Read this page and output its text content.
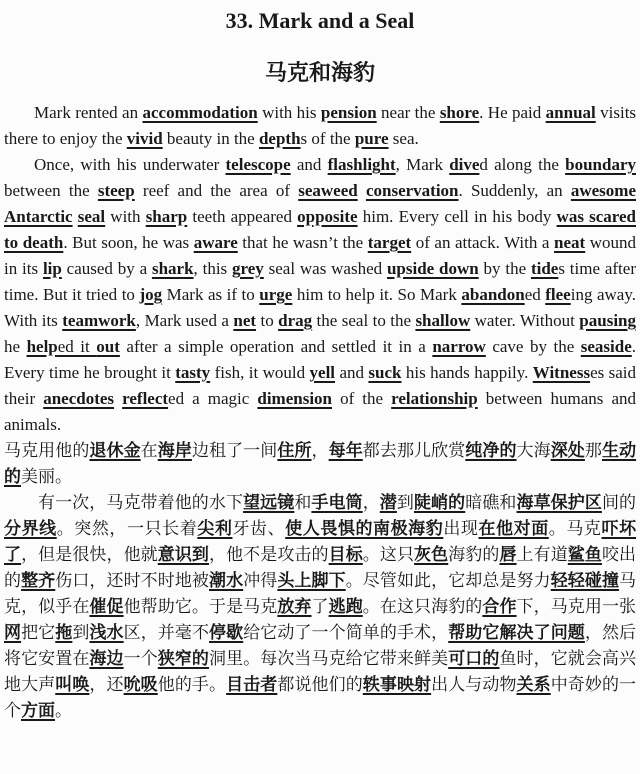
33. Mark and a Seal
马克和海豹

Mark rented an accommodation with his pension near the shore. He paid annual visits there to enjoy the vivid beauty in the depths of the pure sea.

Once, with his underwater telescope and flashlight, Mark dived along the boundary between the steep reef and the area of seaweed conservation. Suddenly, an awesome Antarctic seal with sharp teeth appeared opposite him. Every cell in his body was scared to death. But soon, he was aware that he wasn’t the target of an attack. With a neat wound in its lip caused by a shark, this grey seal was washed upside down by the tides time after time. But it tried to jog Mark as if to urge him to help it. So Mark abandoned fleeing away. With its teamwork, Mark used a net to drag the seal to the shallow water. Without pausing he helped it out after a simple operation and settled it in a narrow cave by the seaside. Every time he brought it tasty fish, it would yell and suck his hands happily. Witnesses said their anecdotes reflected a magic dimension of the relationship between humans and animals.

马克用他的退休金在海岸边租了一间住所，每年都去那儿欣赏纯净的大海深处那生动的美丽。

有一次，马克带着他的水下望远镜和手电筒，潜到陡峭的暗礁和海草保护区间的分界线。突然，一只长着尖利牙齿、使人畏惧的南极海豹出现在他对面。马克吓坏了，但是很快，他就意识到，他不是攻击的目标。这只灰色海豹的唇上有道鲨鱼咬出的整齐伤口，还时不时地被潮水冲得头上脚下。尽管如此，它却总是努力轻轻碰撞马克，似乎在催促他帮助它。于是马克放弃了逃跑。在这只海豹的合作下，马克用一张网把它拖到浅水区，并毫不停歇给它动了一个简单的手术，帮助它解决了问题，然后将它安置在海边一个狭窄的洞里。每次当马克给它带来鲜美可口的鱼时，它就会高兴地大声叫唤，还吮吸他的手。目击者都说他们的轶事映射出人与动物关系中奇妙的一个方面。
